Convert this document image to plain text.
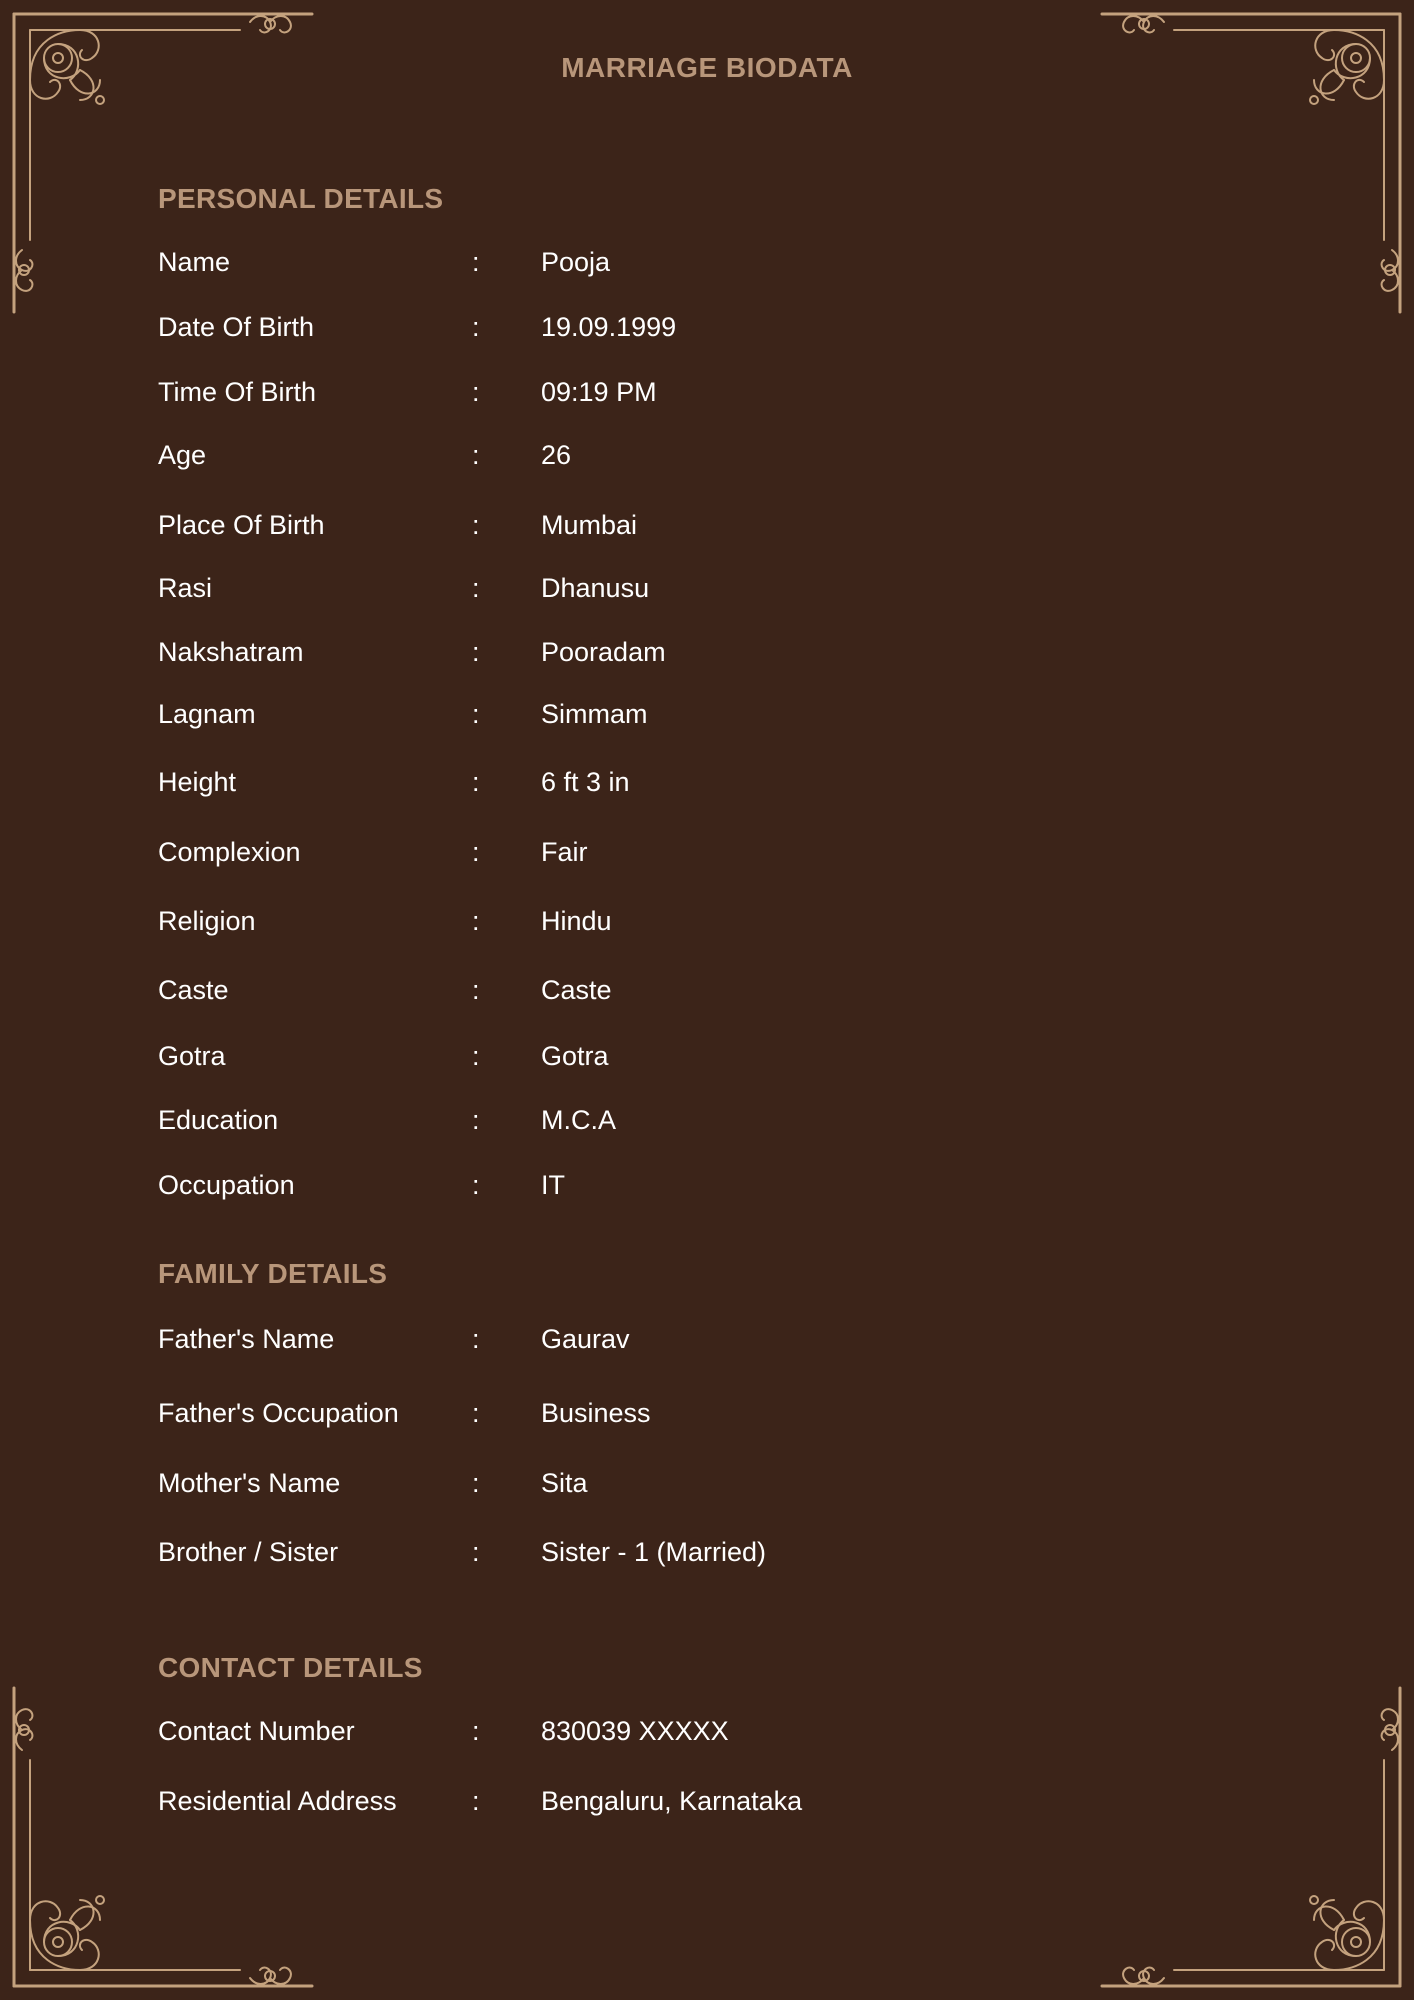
MARRIAGE BIODATA
PERSONAL DETAILS
Name	: Pooja
Date Of Birth	: 19.09.1999
Time Of Birth	: 09:19 PM
Age	: 26
Place Of Birth	: Mumbai
Rasi	: Dhanusu
Nakshatram	: Pooradam
Lagnam	: Simmam
Height	: 6 ft 3 in
Complexion	: Fair
Religion	: Hindu
Caste	: Caste
Gotra	: Gotra
Education	: M.C.A
Occupation	: IT
FAMILY DETAILS
Father's Name	: Gaurav
Father's Occupation	: Business
Mother's Name	: Sita
Brother / Sister	: Sister - 1 (Married)
CONTACT DETAILS
Contact Number	: 830039 XXXXX
Residential Address	: Bengaluru, Karnataka
